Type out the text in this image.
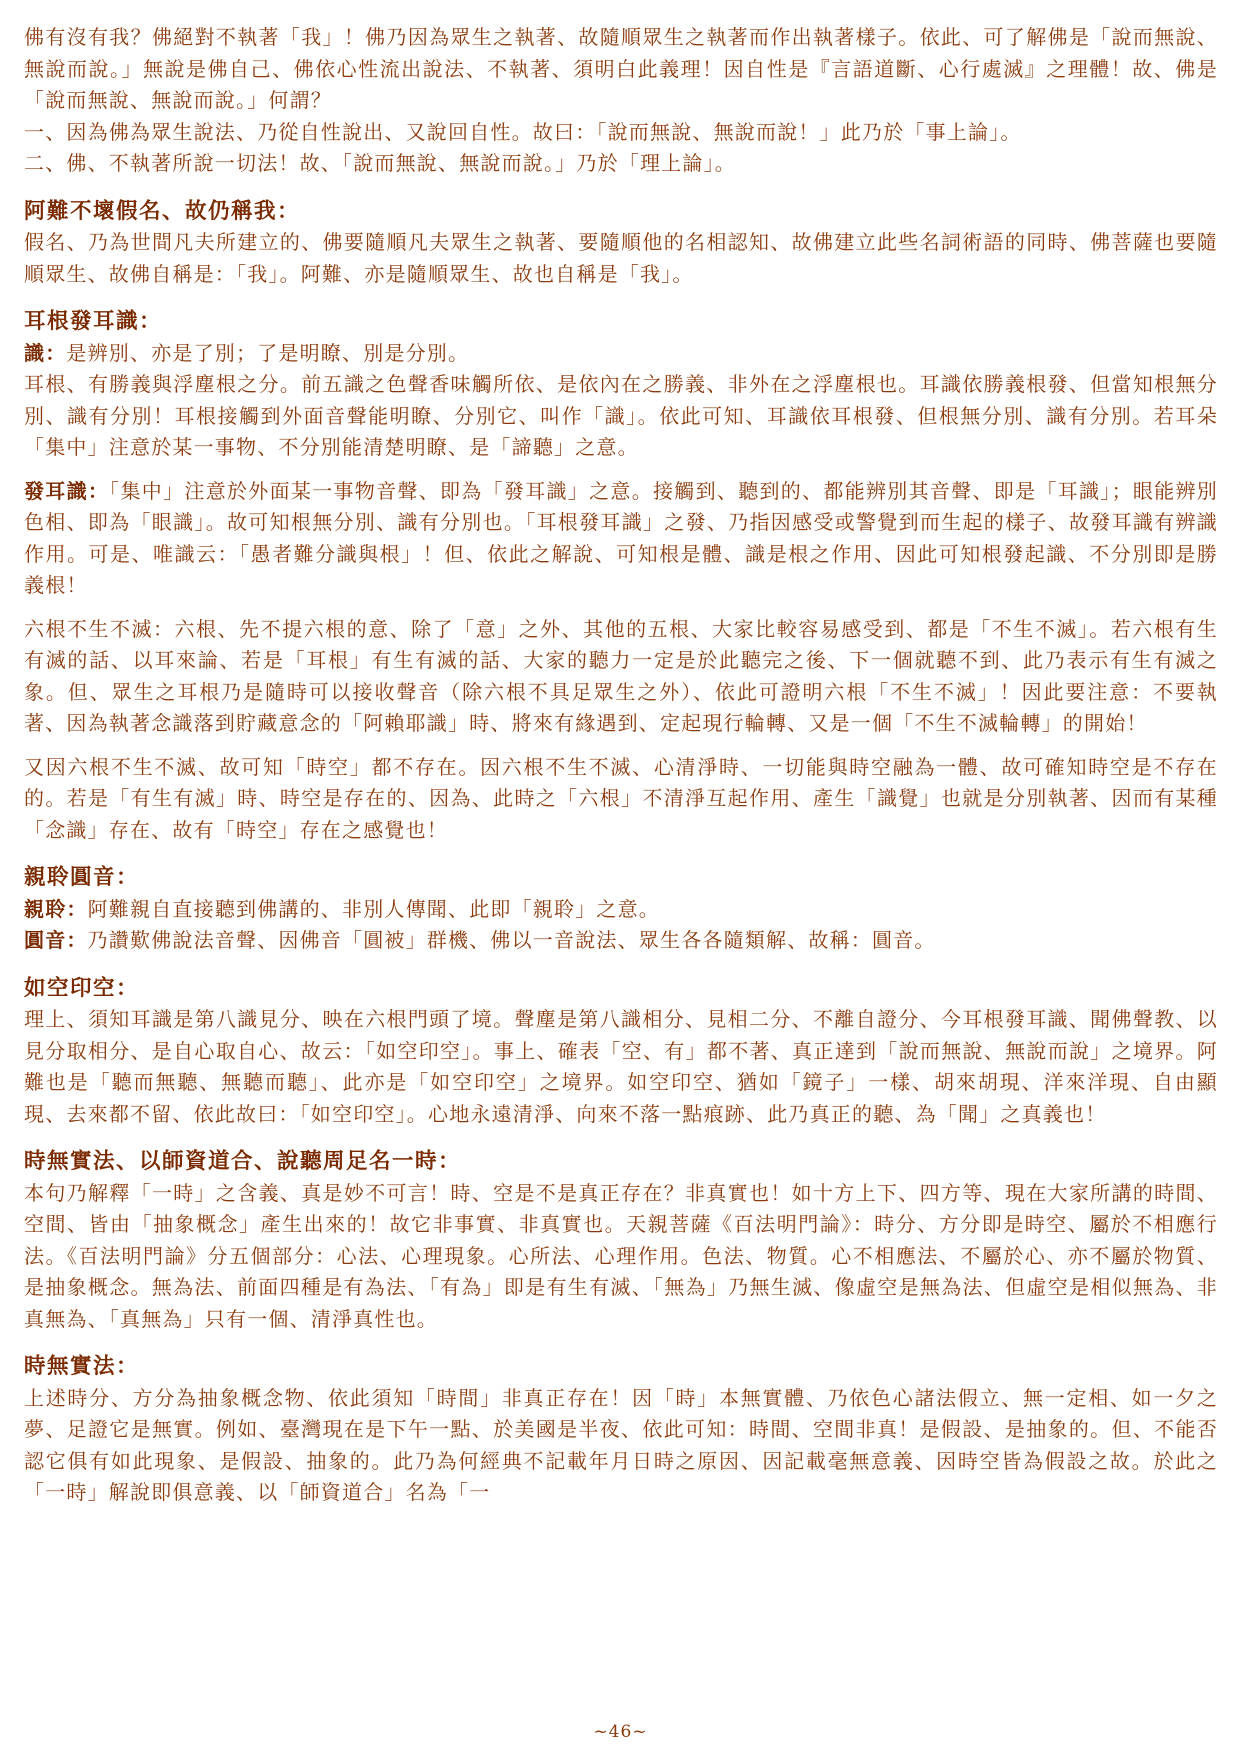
佛有沒有我？佛絕對不執著「我」！佛乃因為眾生之執著、故隨順眾生之執著而作出執著樣子。依此、可了解佛是「說而無說、無說而說。」無說是佛自己、佛依心性流出說法、不執著、須明白此義理！因自性是『言語道斷、心行處滅』之理體！故、佛是「說而無說、無說而說。」何謂？

一、因為佛為眾生說法、乃從自性說出、又說回自性。故曰：「說而無說、無說而說！」此乃於「事上論」。

二、佛、不執著所說一切法！故、「說而無說、無說而說。」乃於「理上論」。

阿難不壞假名、故仍稱我：

假名、乃為世間凡夫所建立的、佛要隨順凡夫眾生之執著、要隨順他的名相認知、故佛建立此些名詞術語的同時、佛菩薩也要隨順眾生、故佛自稱是：「我」。阿難、亦是隨順眾生、故也自稱是「我」。

耳根發耳識：

識：是辨別、亦是了別；了是明瞭、別是分別。

耳根、有勝義與浮塵根之分。前五識之色聲香味觸所依、是依內在之勝義、非外在之浮塵根也。耳識依勝義根發、但當知根無分別、識有分別！耳根接觸到外面音聲能明瞭、分別它、叫作「識」。依此可知、耳識依耳根發、但根無分別、識有分別。若耳朵「集中」注意於某一事物、不分別能清楚明瞭、是「諦聽」之意。

發耳識：「集中」注意於外面某一事物音聲、即為「發耳識」之意。接觸到、聽到的、都能辨別其音聲、即是「耳識」；眼能辨別色相、即為「眼識」。故可知根無分別、識有分別也。「耳根發耳識」之發、乃指因感受或警覺到而生起的樣子、故發耳識有辨識作用。可是、唯識云：「愚者難分識與根」！但、依此之解說、可知根是體、識是根之作用、因此可知根發起識、不分別即是勝義根！

六根不生不滅：六根、先不提六根的意、除了「意」之外、其他的五根、大家比較容易感受到、都是「不生不滅」。若六根有生有滅的話、以耳來論、若是「耳根」有生有滅的話、大家的聽力一定是於此聽完之後、下一個就聽不到、此乃表示有生有滅之象。但、眾生之耳根乃是隨時可以接收聲音（除六根不具足眾生之外）、依此可證明六根「不生不滅」！因此要注意：不要執著、因為執著念識落到貯藏意念的「阿賴耶識」時、將來有緣遇到、定起現行輪轉、又是一個「不生不滅輪轉」的開始！

又因六根不生不滅、故可知「時空」都不存在。因六根不生不滅、心清淨時、一切能與時空融為一體、故可確知時空是不存在的。若是「有生有滅」時、時空是存在的、因為、此時之「六根」不清淨互起作用、產生「識覺」也就是分別執著、因而有某種「念識」存在、故有「時空」存在之感覺也！

親聆圓音：

親聆：阿難親自直接聽到佛講的、非別人傳聞、此即「親聆」之意。

圓音：乃讚歎佛說法音聲、因佛音「圓被」群機、佛以一音說法、眾生各各隨類解、故稱：圓音。

如空印空：

理上、須知耳識是第八識見分、映在六根門頭了境。聲塵是第八識相分、見相二分、不離自證分、今耳根發耳識、聞佛聲教、以見分取相分、是自心取自心、故云：「如空印空」。事上、確表「空、有」都不著、真正達到「說而無說、無說而說」之境界。阿難也是「聽而無聽、無聽而聽」、此亦是「如空印空」之境界。如空印空、猶如「鏡子」一樣、胡來胡現、洋來洋現、自由顯現、去來都不留、依此故曰：「如空印空」。心地永遠清淨、向來不落一點痕跡、此乃真正的聽、為「聞」之真義也！

時無實法、以師資道合、說聽周足名一時：

本句乃解釋「一時」之含義、真是妙不可言！時、空是不是真正存在？非真實也！如十方上下、四方等、現在大家所講的時間、空間、皆由「抽象概念」產生出來的！故它非事實、非真實也。天親菩薩《百法明門論》：時分、方分即是時空、屬於不相應行法。《百法明門論》分五個部分：心法、心理現象。心所法、心理作用。色法、物質。心不相應法、不屬於心、亦不屬於物質、是抽象概念。無為法、前面四種是有為法、「有為」即是有生有滅、「無為」乃無生滅、像虛空是無為法、但虛空是相似無為、非真無為、「真無為」只有一個、清淨真性也。

時無實法：

上述時分、方分為抽象概念物、依此須知「時間」非真正存在！因「時」本無實體、乃依色心諸法假立、無一定相、如一夕之夢、足證它是無實。例如、臺灣現在是下午一點、於美國是半夜、依此可知：時間、空間非真！是假設、是抽象的。但、不能否認它俱有如此現象、是假設、抽象的。此乃為何經典不記載年月日時之原因、因記載毫無意義、因時空皆為假設之故。於此之「一時」解說即俱意義、以「師資道合」名為「一

~46~
